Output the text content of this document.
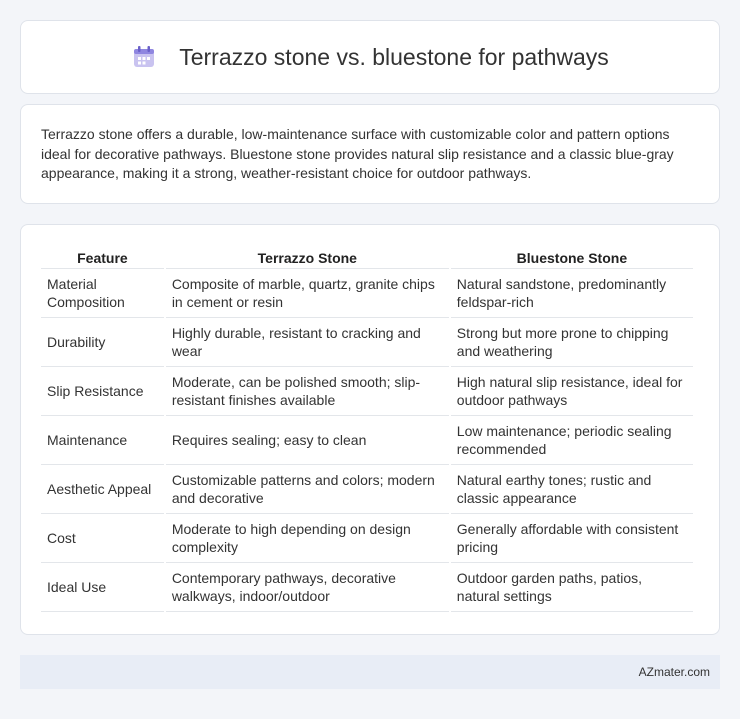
Terrazzo stone vs. bluestone for pathways

Terrazzo stone offers a durable, low-maintenance surface with customizable color and pattern options ideal for decorative pathways. Bluestone stone provides natural slip resistance and a classic blue-gray appearance, making it a strong, weather-resistant choice for outdoor pathways.

Feature	Terrazzo Stone	Bluestone Stone
Material Composition	Composite of marble, quartz, granite chips in cement or resin	Natural sandstone, predominantly feldspar-rich
Durability	Highly durable, resistant to cracking and wear	Strong but more prone to chipping and weathering
Slip Resistance	Moderate, can be polished smooth; slip-resistant finishes available	High natural slip resistance, ideal for outdoor pathways
Maintenance	Requires sealing; easy to clean	Low maintenance; periodic sealing recommended
Aesthetic Appeal	Customizable patterns and colors; modern and decorative	Natural earthy tones; rustic and classic appearance
Cost	Moderate to high depending on design complexity	Generally affordable with consistent pricing
Ideal Use	Contemporary pathways, decorative walkways, indoor/outdoor	Outdoor garden paths, patios, natural settings
AZmater.com
